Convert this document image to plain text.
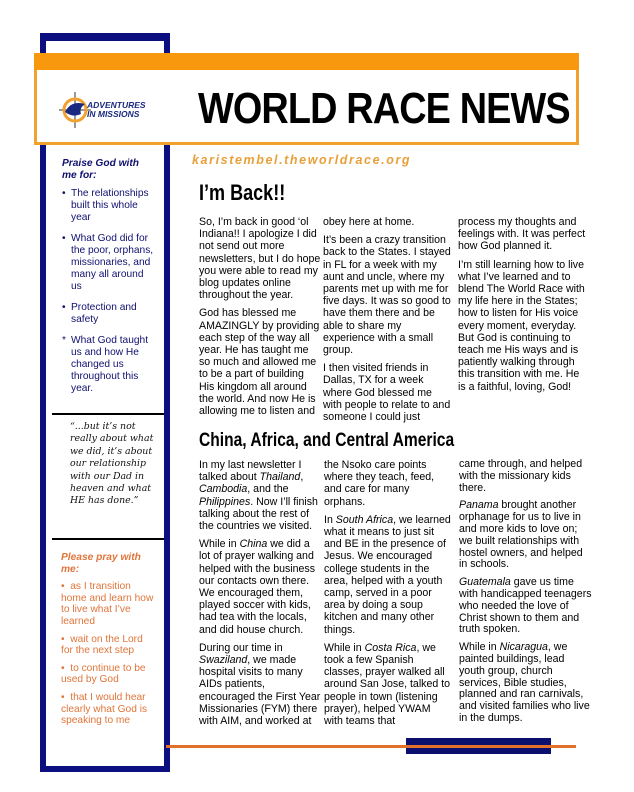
ADVENTURES
IN MISSIONS WORLD RACE NEWS
karistembel.theworldrace.org
Praise God with me for:
• The relationships built this whole year
• What God did for the poor, orphans, missionaries, and many all around us
• Protection and safety
* What God taught us and how He changed us throughout this year.
“...but it’s not really about what we did, it’s about our relationship with our Dad in heaven and what HE has done.”
Please pray with me:
• as I transition home and learn how to live what I’ve learned
• wait on the Lord for the next step
• to continue to be used by God
• that I would hear clearly what God is speaking to me
I’m Back!!

So, I’m back in good ‘ol Indiana!! I apologize I did not send out more newsletters, but I do hope you were able to read my blog updates online throughout the year.

God has blessed me AMAZINGLY by providing each step of the way all year. He has taught me so much and allowed me to be a part of building His kingdom all around the world. And now He is allowing me to listen and

obey here at home.

It’s been a crazy transition back to the States. I stayed in FL for a week with my aunt and uncle, where my parents met up with me for five days. It was so good to have them there and be able to share my experience with a small group.

I then visited friends in Dallas, TX for a week where God blessed me with people to relate to and someone I could just

process my thoughts and feelings with. It was perfect how God planned it.

I’m still learning how to live what I’ve learned and to blend The World Race with my life here in the States; how to listen for His voice every moment, everyday. But God is continuing to teach me His ways and is patiently walking through this transition with me. He is a faithful, loving, God!

China, Africa, and Central America

In my last newsletter I talked about Thailand, Cambodia, and the Philippines. Now I’ll finish talking about the rest of the countries we visited.

While in China we did a lot of prayer walking and helped with the business our contacts own there. We encouraged them, played soccer with kids, had tea with the locals, and did house church.

During our time in Swaziland, we made hospital visits to many AIDs patients, encouraged the First Year Missionaries (FYM) there with AIM, and worked at

the Nsoko care points where they teach, feed, and care for many orphans.

In South Africa, we learned what it means to just sit and BE in the presence of Jesus. We encouraged college students in the area, helped with a youth camp, served in a poor area by doing a soup kitchen and many other things.

While in Costa Rica, we took a few Spanish classes, prayer walked all around San Jose, talked to people in town (listening prayer), helped YWAM with teams that

came through, and helped with the missionary kids there.

Panama brought another orphanage for us to live in and more kids to love on; we built relationships with hostel owners, and helped in schools.

Guatemala gave us time with handicapped teenagers who needed the love of Christ shown to them and truth spoken.

While in Nicaragua, we painted buildings, lead youth group, church services, Bible studies, planned and ran carnivals, and visited families who live in the dumps.
